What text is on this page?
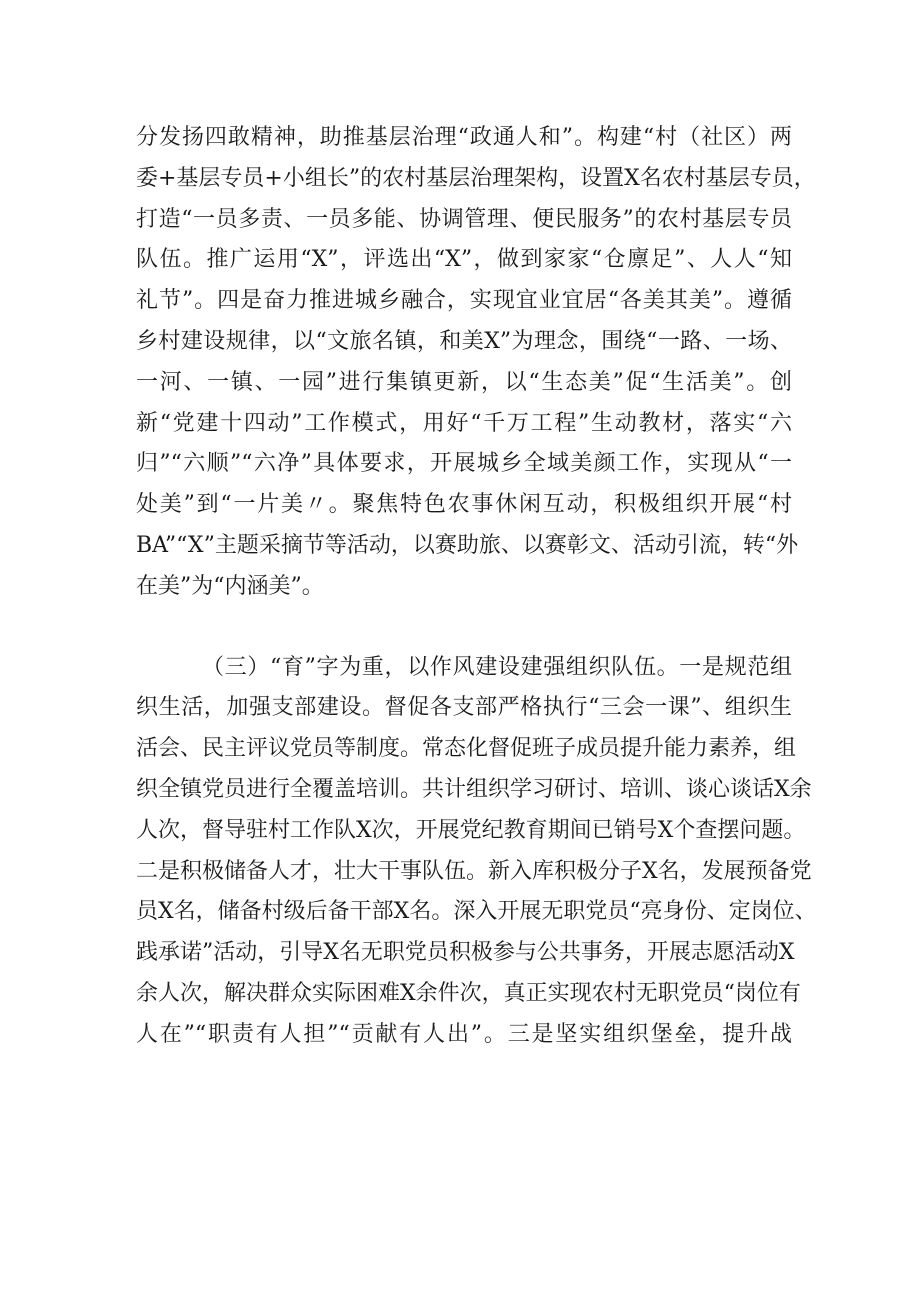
分发扬四敢精神，助推基层治理“政通人和”。构建“村（社区）两
委+基层专员+小组长”的农村基层治理架构，设置X名农村基层专员，
打造“一员多责、一员多能、协调管理、便民服务”的农村基层专员
队伍。推广运用“X”，评选出“X”，做到家家“仓廪足”、人人“知
礼节”。四是奋力推进城乡融合，实现宜业宜居“各美其美”。遵循
乡村建设规律，以“文旅名镇，和美X”为理念，围绕“一路、一场、
一河、一镇、一园”进行集镇更新，以“生态美”促“生活美”。创
新“党建十四动”工作模式，用好“千万工程”生动教材，落实“六
归”“六顺”“六净”具体要求，开展城乡全域美颜工作，实现从“一
处美”到“一片美〃。聚焦特色农事休闲互动，积极组织开展“村
BA”“X”主题采摘节等活动，以赛助旅、以赛彰文、活动引流，转“外
在美”为“内涵美”。
（三）“育”字为重，以作风建设建强组织队伍。一是规范组
织生活，加强支部建设。督促各支部严格执行“三会一课”、组织生
活会、民主评议党员等制度。常态化督促班子成员提升能力素养，组
织全镇党员进行全覆盖培训。共计组织学习研讨、培训、谈心谈话X余
人次，督导驻村工作队X次，开展党纪教育期间已销号X个查摆问题。
二是积极储备人才，壮大干事队伍。新入库积极分子X名，发展预备党
员X名，储备村级后备干部X名。深入开展无职党员“亮身份、定岗位、
践承诺”活动，引导X名无职党员积极参与公共事务，开展志愿活动X
余人次，解决群众实际困难X余件次，真正实现农村无职党员“岗位有
人在”“职责有人担”“贡献有人出”。三是坚实组织堡垒，提升战
